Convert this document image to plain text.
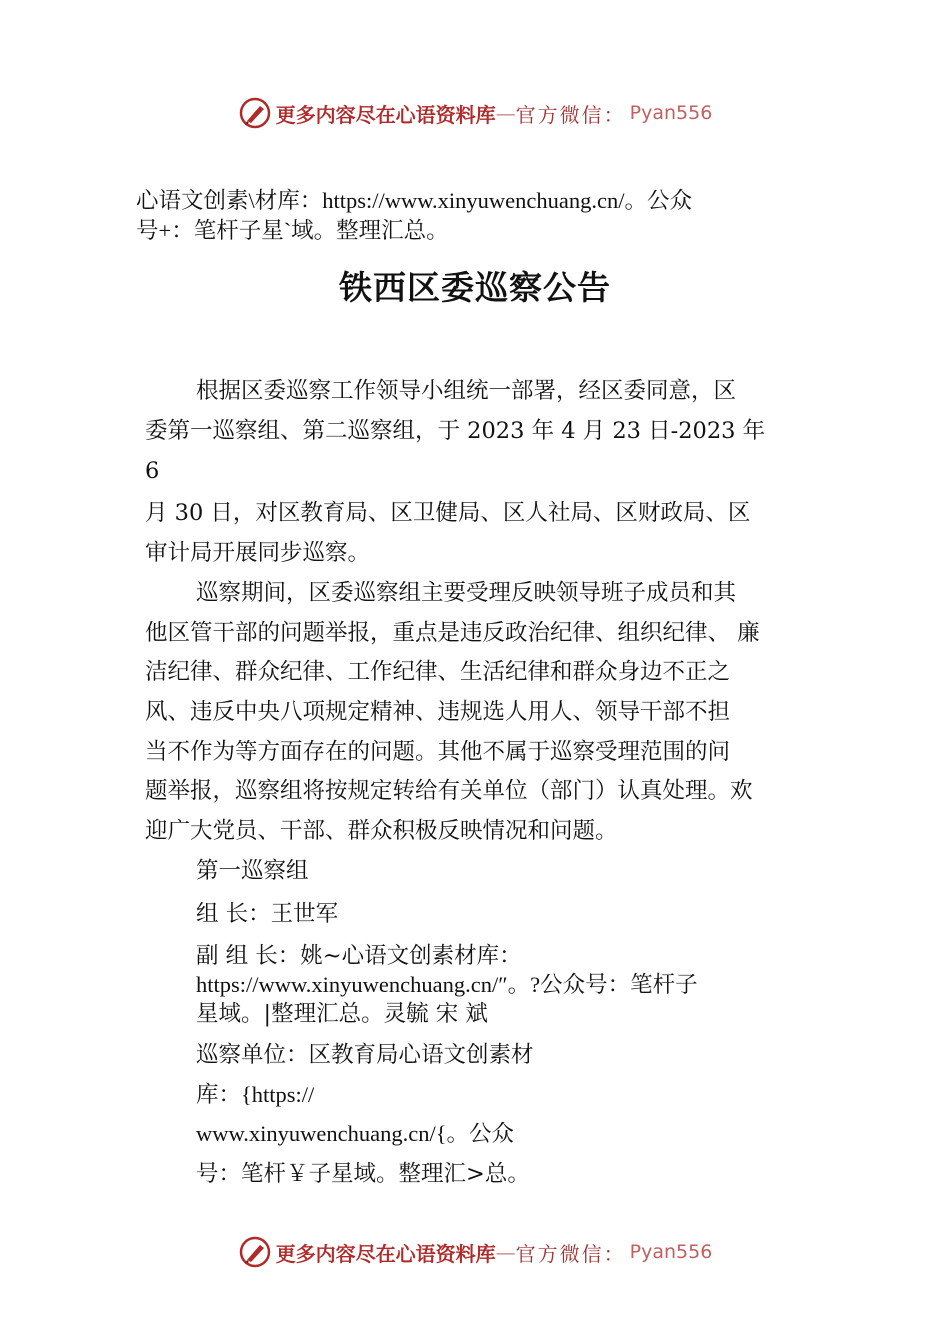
更多内容尽在心语资料库 — 官方微信： Pyan556
心语文创素\材库：https://www.xinyuwenchuang.cn/。公众
号+：笔杆子星`域。整理汇总。
铁西区委巡察公告
根据区委巡察工作领导小组统一部署，经区委同意，区
委第一巡察组、第二巡察组，于 2023 年 4 月 23 日-2023 年
6
月 30 日，对区教育局、区卫健局、区人社局、区财政局、区
审计局开展同步巡察。
巡察期间，区委巡察组主要受理反映领导班子成员和其
他区管干部的问题举报，重点是违反政治纪律、组织纪律、 廉
洁纪律、群众纪律、工作纪律、生活纪律和群众身边不正之
风、违反中央八项规定精神、违规选人用人、领导干部不担
当不作为等方面存在的问题。其他不属于巡察受理范围的问
题举报，巡察组将按规定转给有关单位（部门）认真处理。欢
迎广大党员、干部、群众积极反映情况和问题。
第一巡察组
组 长：王世军
副 组 长：姚~心语文创素材库：
https://www.xinyuwenchuang.cn/″。?公众号：笔杆子
星域。|整理汇总。灵毓 宋 斌
巡察单位：区教育局心语文创素材
库：{https://
www.xinyuwenchuang.cn/{。公众
号：笔杆￥子星域。整理汇>总。
更多内容尽在心语资料库 — 官方微信： Pyan556
